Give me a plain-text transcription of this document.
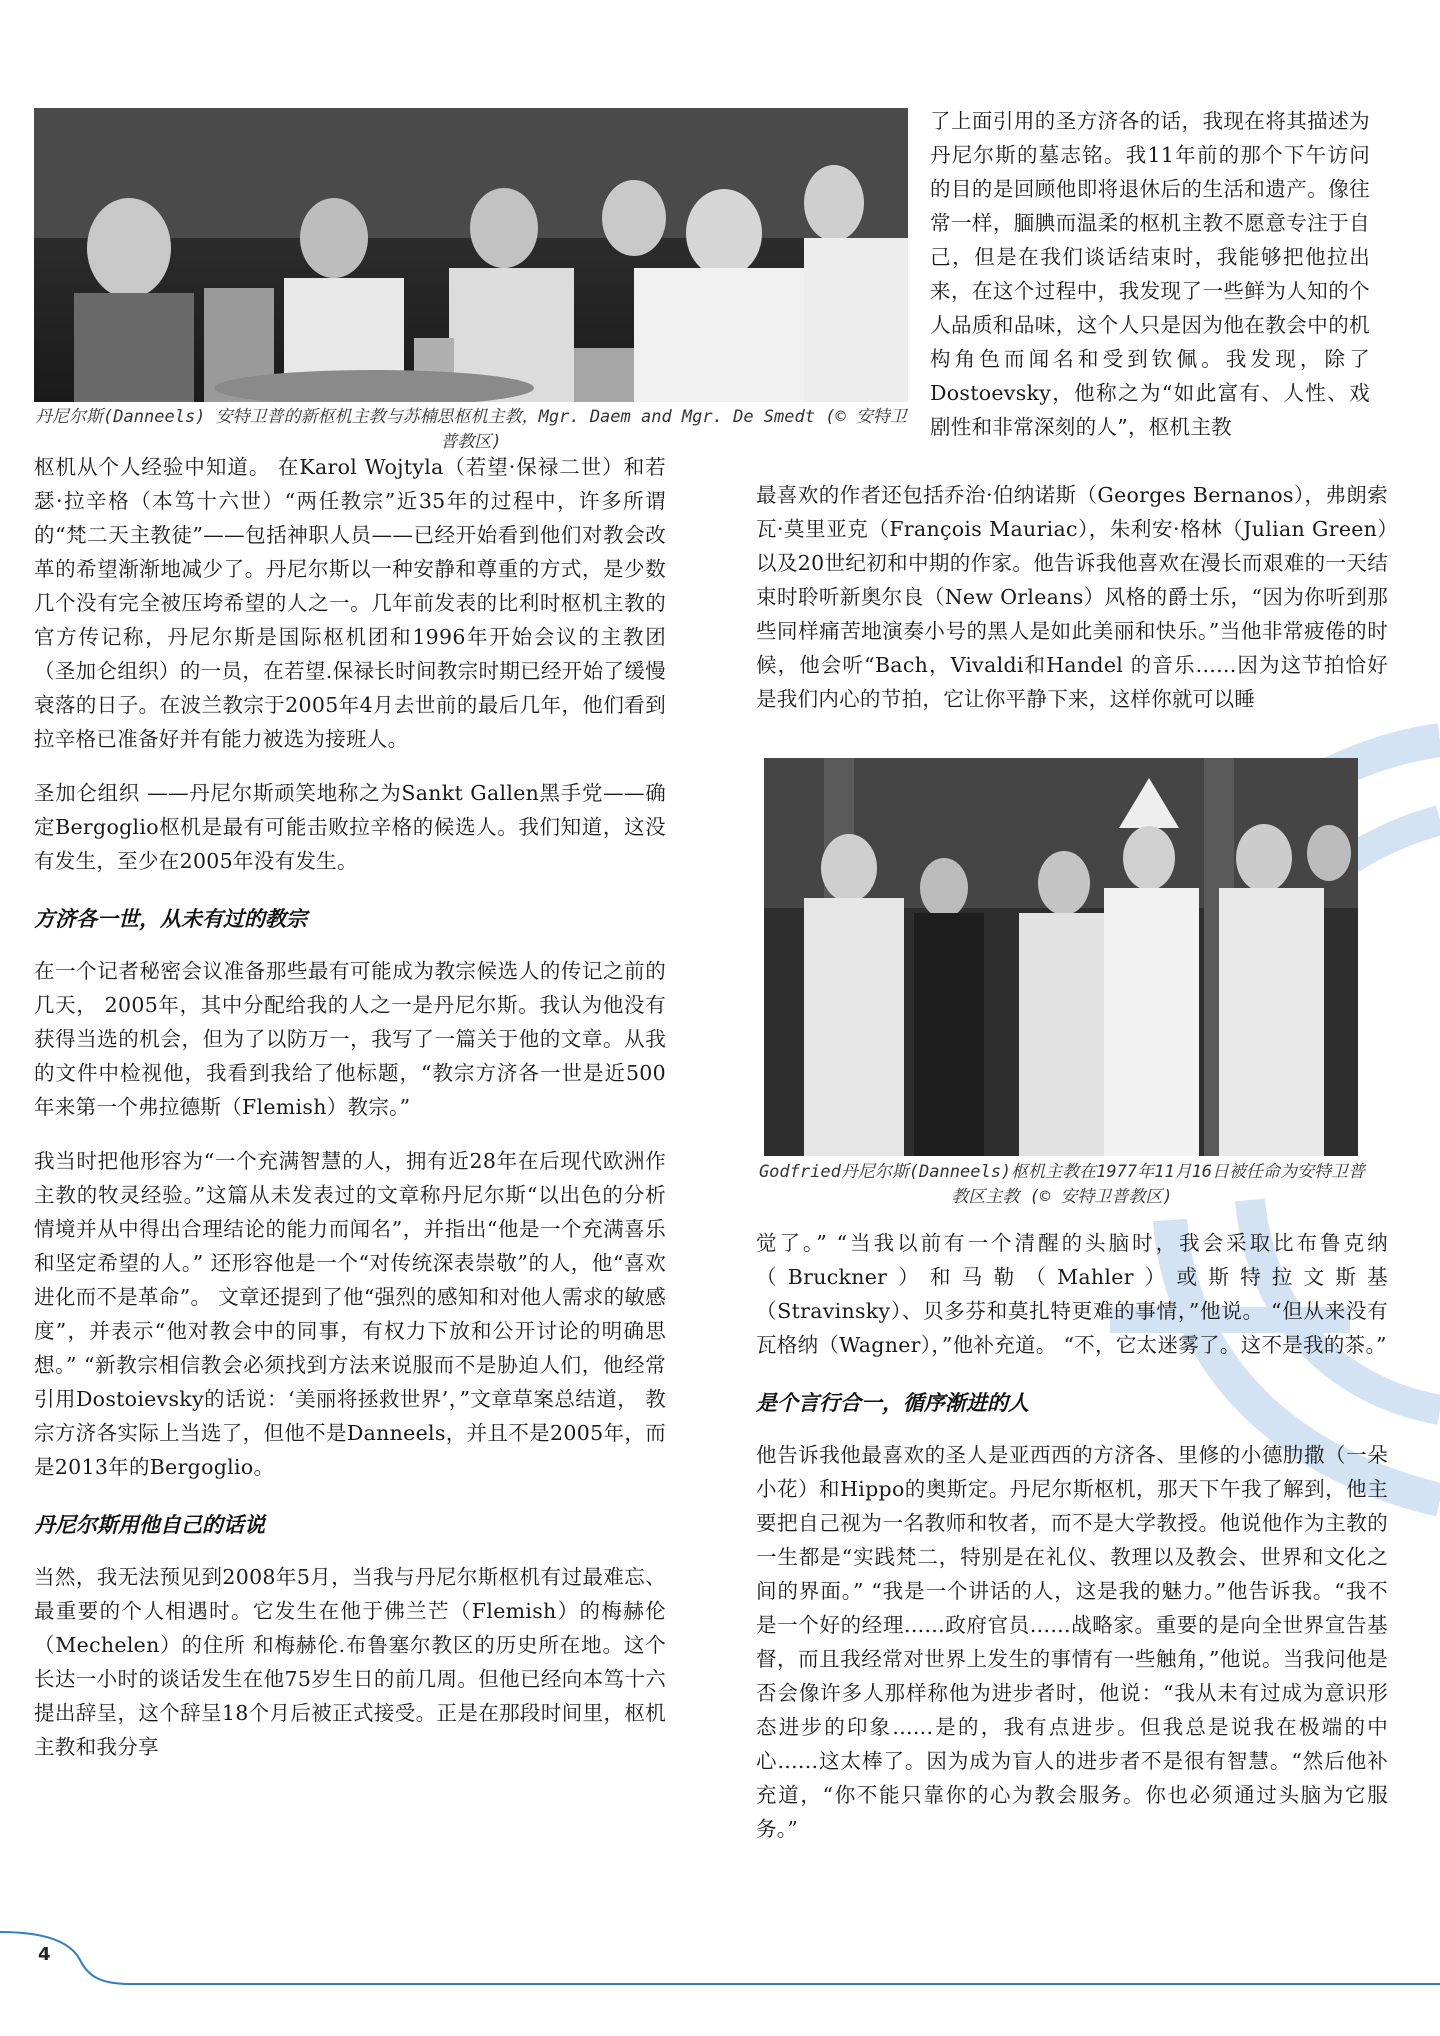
丹尼尔斯(Danneels) 安特卫普的新枢机主教与苏楠思枢机主教，Mgr. Daem and Mgr. De Smedt (© 安特卫普教区)
Godfried丹尼尔斯(Danneels)枢机主教在1977年11月16日被任命为安特卫普教区主教 (© 安特卫普教区)

枢机从个人经验中知道。 在Karol Wojtyla（若望·保禄二世）和若瑟·拉辛格（本笃十六世）“两任教宗”近35年的过程中，许多所谓的“梵二天主教徒”——包括神职人员——已经开始看到他们对教会改革的希望渐渐地减少了。丹尼尔斯以一种安静和尊重的方式，是少数几个没有完全被压垮希望的人之一。几年前发表的比利时枢机主教的官方传记称，丹尼尔斯是国际枢机团和1996年开始会议的主教团（圣加仑组织）的一员，在若望.保禄长时间教宗时期已经开始了缓慢衰落的日子。在波兰教宗于2005年4月去世前的最后几年，他们看到拉辛格已准备好并有能力被选为接班人。

圣加仑组织 ——丹尼尔斯顽笑地称之为Sankt Gallen黑手党——确定Bergoglio枢机是最有可能击败拉辛格的候选人。我们知道，这没有发生，至少在2005年没有发生。

方济各一世，从未有过的教宗

在一个记者秘密会议准备那些最有可能成为教宗候选人的传记之前的几天， 2005年，其中分配给我的人之一是丹尼尔斯。我认为他没有获得当选的机会，但为了以防万一，我写了一篇关于他的文章。从我的文件中检视他，我看到我给了他标题，“教宗方济各一世是近500年来第一个弗拉德斯（Flemish）教宗。”

我当时把他形容为“一个充满智慧的人，拥有近28年在后现代欧洲作主教的牧灵经验。”这篇从未发表过的文章称丹尼尔斯“以出色的分析情境并从中得出合理结论的能力而闻名”，并指出“他是一个充满喜乐和坚定希望的人。” 还形容他是一个“对传统深表崇敬”的人，他“喜欢进化而不是革命”。 文章还提到了他“强烈的感知和对他人需求的敏感度”，并表示“他对教会中的同事，有权力下放和公开讨论的明确思想。” “新教宗相信教会必须找到方法来说服而不是胁迫人们，他经常引用Dostoievsky的话说：‘美丽将拯救世界’，”文章草案总结道， 教宗方济各实际上当选了，但他不是Danneels，并且不是2005年，而是2013年的Bergoglio。

丹尼尔斯用他自己的话说

当然，我无法预见到2008年5月，当我与丹尼尔斯枢机有过最难忘、最重要的个人相遇时。它发生在他于佛兰芒（Flemish）的梅赫伦（Mechelen）的住所 和梅赫伦.布鲁塞尔教区的历史所在地。这个长达一小时的谈话发生在他75岁生日的前几周。但他已经向本笃十六提出辞呈，这个辞呈18个月后被正式接受。正是在那段时间里，枢机主教和我分享

了上面引用的圣方济各的话，我现在将其描述为丹尼尔斯的墓志铭。我11年前的那个下午访问的目的是回顾他即将退休后的生活和遗产。像往常一样，腼腆而温柔的枢机主教不愿意专注于自己，但是在我们谈话结束时，我能够把他拉出来，在这个过程中，我发现了一些鲜为人知的个人品质和品味，这个人只是因为他在教会中的机构角色而闻名和受到钦佩。我发现，除了Dostoevsky，他称之为“如此富有、人性、戏剧性和非常深刻的人”，枢机主教

最喜欢的作者还包括乔治·伯纳诺斯（Georges Bernanos），弗朗索瓦·莫里亚克（François Mauriac），朱利安·格林（Julian Green）以及20世纪初和中期的作家。他告诉我他喜欢在漫长而艰难的一天结束时聆听新奥尔良（New Orleans）风格的爵士乐，“因为你听到那些同样痛苦地演奏小号的黑人是如此美丽和快乐。”当他非常疲倦的时候，他会听“Bach，Vivaldi和Handel 的音乐......因为这节拍恰好是我们内心的节拍，它让你平静下来，这样你就可以睡

觉了。” “当我以前有一个清醒的头脑时，我会采取比布鲁克纳（Bruckner）和马勒（Mahler）或斯特拉文斯基（Stravinsky）、贝多芬和莫扎特更难的事情，”他说。 “但从来没有瓦格纳（Wagner），”他补充道。 “不，它太迷雾了。这不是我的茶。”

是个言行合一，循序渐进的人

他告诉我他最喜欢的圣人是亚西西的方济各、里修的小德肋撒（一朵小花）和Hippo的奥斯定。丹尼尔斯枢机，那天下午我了解到，他主要把自己视为一名教师和牧者，而不是大学教授。他说他作为主教的一生都是“实践梵二，特别是在礼仪、教理以及教会、世界和文化之间的界面。” “我是一个讲话的人，这是我的魅力。”他告诉我。“我不是一个好的经理......政府官员......战略家。重要的是向全世界宣告基督，而且我经常对世界上发生的事情有一些触角，”他说。当我问他是否会像许多人那样称他为进步者时，他说：“我从未有过成为意识形态进步的印象......是的，我有点进步。但我总是说我在极端的中心......这太棒了。因为成为盲人的进步者不是很有智慧。“然后他补充道，“你不能只靠你的心为教会服务。你也必须通过头脑为它服务。”

4
